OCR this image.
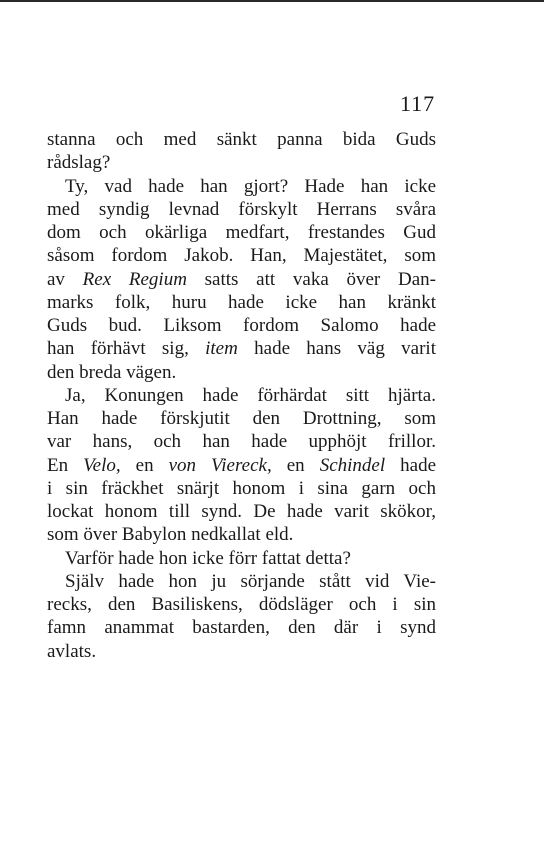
117
stanna och med sänkt panna bida Guds
rådslag?
Ty, vad hade han gjort? Hade han icke
med syndig levnad förskylt Herrans svåra
dom och okärliga medfart, frestandes Gud
såsom fordom Jakob. Han, Majestätet, som
av Rex Regium satts att vaka över Dan-
marks folk, huru hade icke han kränkt
Guds bud. Liksom fordom Salomo hade
han förhävt sig, item hade hans väg varit
den breda vägen.
Ja, Konungen hade förhärdat sitt hjärta.
Han hade förskjutit den Drottning, som
var hans, och han hade upphöjt frillor.
En Velo, en von Viereck, en Schindel hade
i sin fräckhet snärjt honom i sina garn och
lockat honom till synd. De hade varit skökor,
som över Babylon nedkallat eld.
Varför hade hon icke förr fattat detta?
Själv hade hon ju sörjande stått vid Vie-
recks, den Basiliskens, dödsläger och i sin
famn anammat bastarden, den där i synd
avlats.
